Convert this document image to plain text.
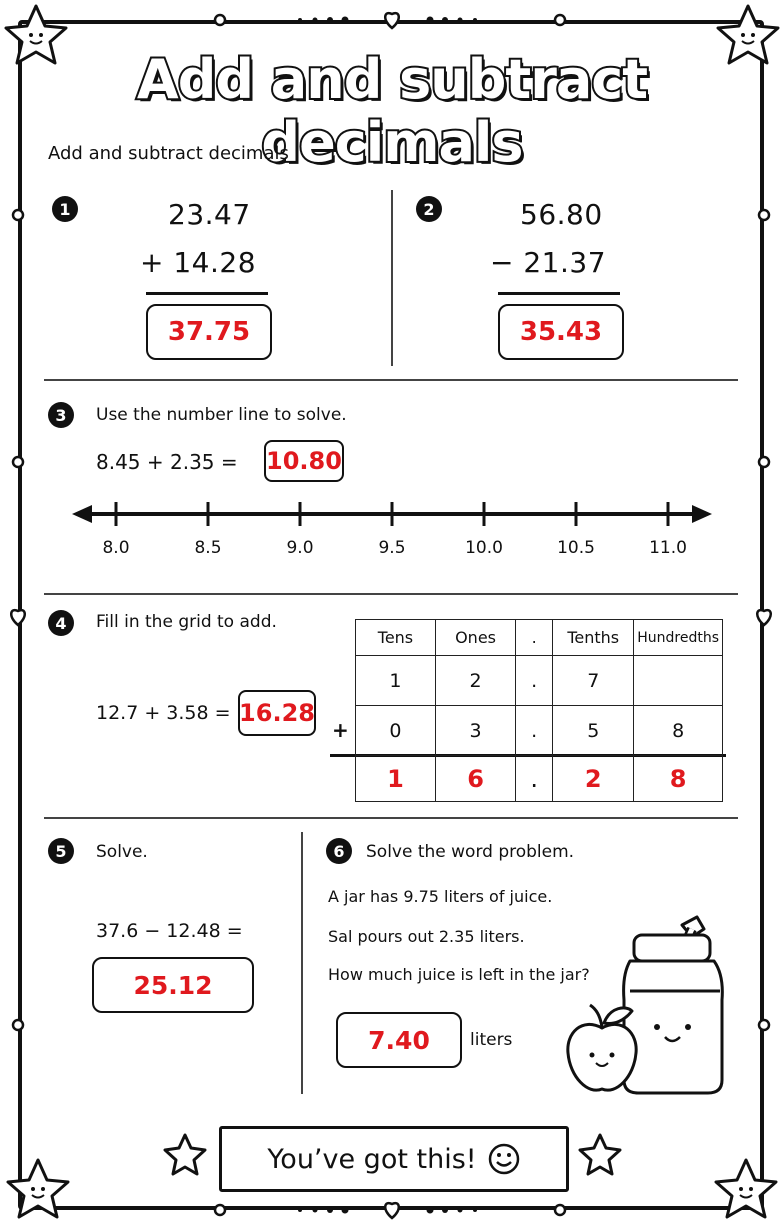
Add and subtract decimals
Add and subtract decimals
1	23.47
+ 14.28
37.75
2	56.80
− 21.37
35.43
3	Use the number line to solve.
8.45 + 2.35 = 10.80
8.0	8.5	9.0	9.5	10.0	10.5	11.0
4	Fill in the grid to add.
12.7 + 3.58 = 16.28
+
Tens	Ones	.	Tenths	Hundredths
1	2	.	7	
0	3	.	5	8
1	6	.	2	8
5	Solve.
37.6 − 12.48 =
25.12
6	Solve the word problem.
A jar has 9.75 liters of juice.
Sal pours out 2.35 liters.
How much juice is left in the jar?
7.40	liters
You’ve got this!
